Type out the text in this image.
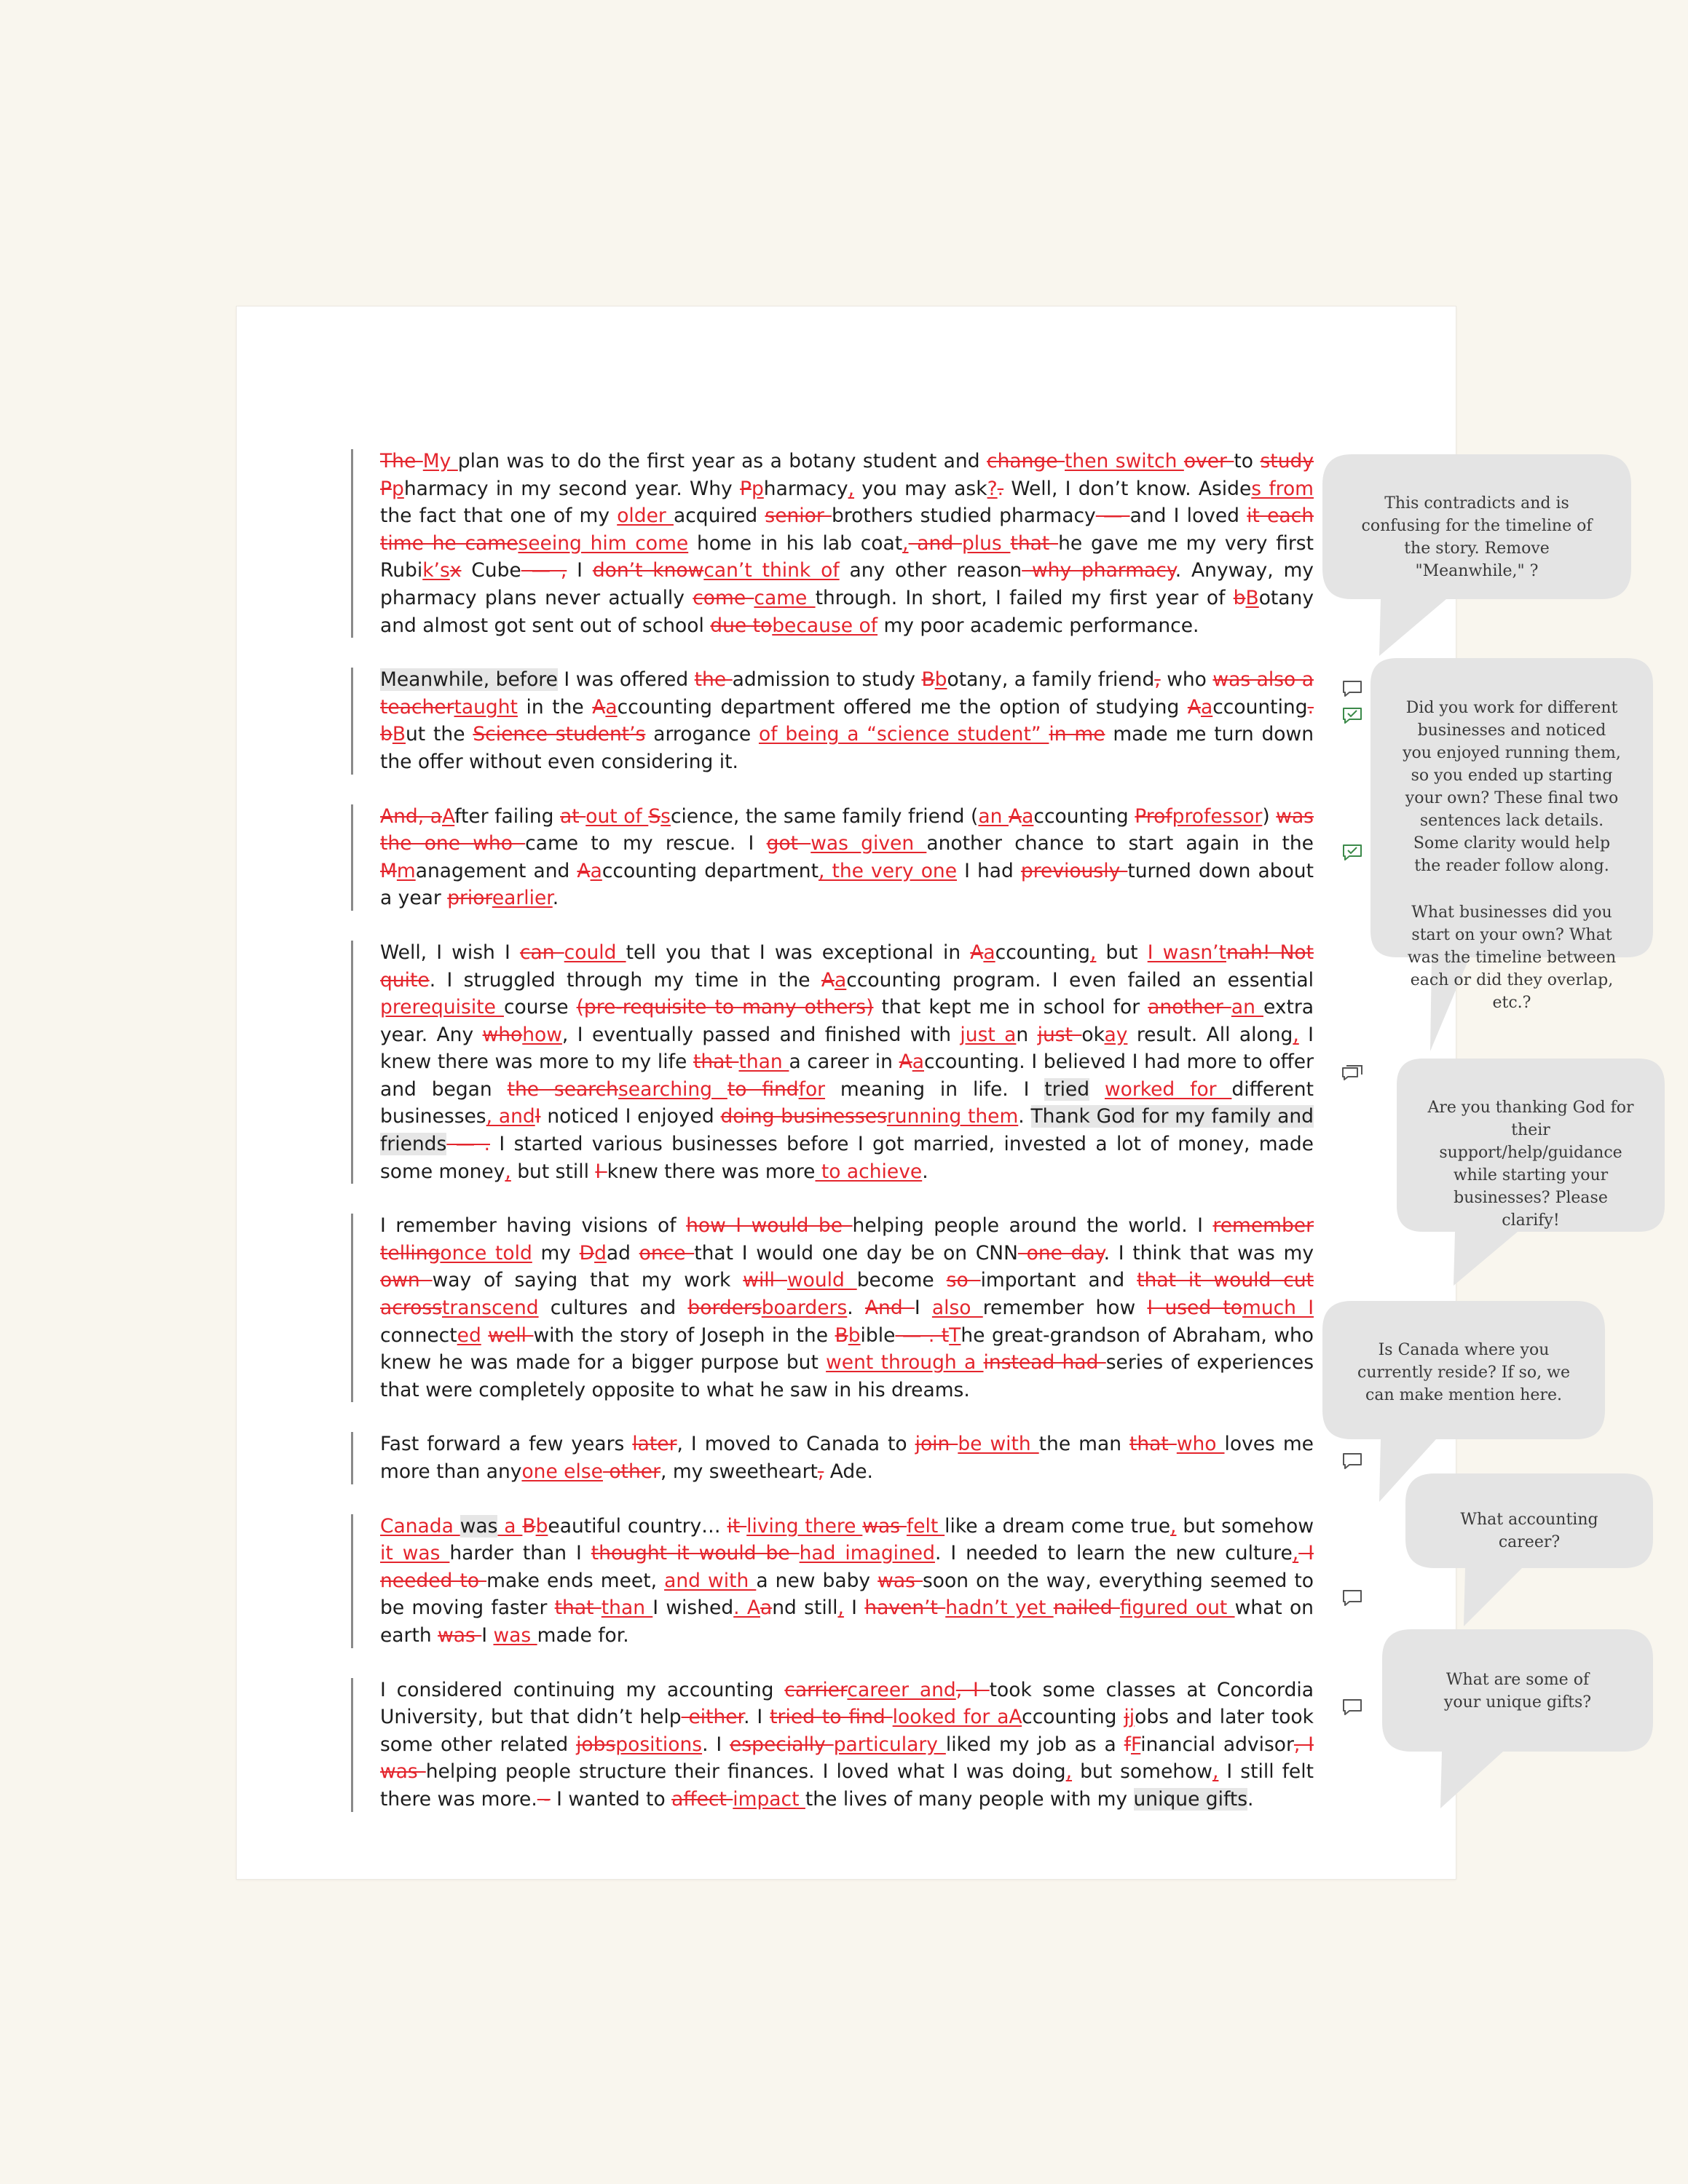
The My plan was to do the first year as a botany student and change then switch over to study Ppharmacy in my second year. Why Ppharmacy, you may ask?. Well, I don’t know. Asides from the fact that one of my older acquired senior brothers studied pharmacy — and I loved it each time he cameseeing him come home in his lab coat, and plus that he gave me my very first Rubik’sx Cube — , I don’t knowcan’t think of any other reason why pharmacy. Anyway, my pharmacy plans never actually come came through. In short, I failed my first year of bBotany and almost got sent out of school due tobecause of my poor academic performance.

Meanwhile, before I was offered the admission to study Bbotany, a family friend, who was also a teachertaught in the Aaccounting department offered me the option of studying Aaccounting. bBut the Science student’s arrogance of being a “science student” in me made me turn down the offer without even considering it.

And, aAfter failing at out of Sscience, the same family friend (an Aaccounting Profprofessor) was the one who came to my rescue. I got was given another chance to start again in the Mmanagement and Aaccounting department, the very one I had previously turned down about a year priorearlier.

Well, I wish I can could tell you that I was exceptional in Aaccounting, but I wasn’tnah! Not quite. I struggled through my time in the Aaccounting program. I even failed an essential prerequisite course (pre-requisite to many others) that kept me in school for another an extra year. Any whohow, I eventually passed and finished with just an just okay result. All along, I knew there was more to my life that than a career in Aaccounting. I believed I had more to offer and began the searchsearching to findfor meaning in life. I tried worked for different businesses, andI noticed I enjoyed doing businessesrunning them. Thank God for my family and friends — . I started various businesses before I got married, invested a lot of money, made some money, but still I knew there was more to achieve.

I remember having visions of how I would be helping people around the world. I remember tellingonce told my Ddad once that I would one day be on CNN one day. I think that was my own way of saying that my work will would become so important and that it would cut acrosstranscend cultures and bordersboarders. And I also remember how I used tomuch I connected well with the story of Joseph in the Bbible — . tThe great-grandson of Abraham, who knew he was made for a bigger purpose but went through a instead had series of experiences that were completely opposite to what he saw in his dreams.

Fast forward a few years later, I moved to Canada to join be with the man that who loves me more than anyone else other, my sweetheart, Ade.

Canada was a Bbeautiful country… it living there was felt like a dream come true, but somehow it was harder than I thought it would be had imagined. I needed to learn the new culture, I needed to make ends meet, and with a new baby was soon on the way, everything seemed to be moving faster that than I wished. Aand still, I haven’t hadn’t yet nailed figured out what on earth was I was made for.

I considered continuing my accounting carriercareer and, I took some classes at Concordia University, but that didn’t help either. I tried to find looked for aAccounting jjobs and later took some other related jobspositions. I especially particulary liked my job as a fFinancial advisor, I was helping people structure their finances. I loved what I was doing, but somehow, I still felt there was more. - I wanted to affect impact the lives of many people with my unique gifts.

This contradicts and is confusing for the timeline of the story. Remove "Meanwhile," ?
Did you work for different businesses and noticed you enjoyed running them, so you ended up starting your own? These final two sentences lack details. Some clarity would help the reader follow along.
What businesses did you start on your own? What was the timeline between each or did they overlap, etc.?
Are you thanking God for their support/help/guidance while starting your businesses? Please clarify!
Is Canada where you currently reside? If so, we can make mention here.
What accounting career?
What are some of your unique gifts?
